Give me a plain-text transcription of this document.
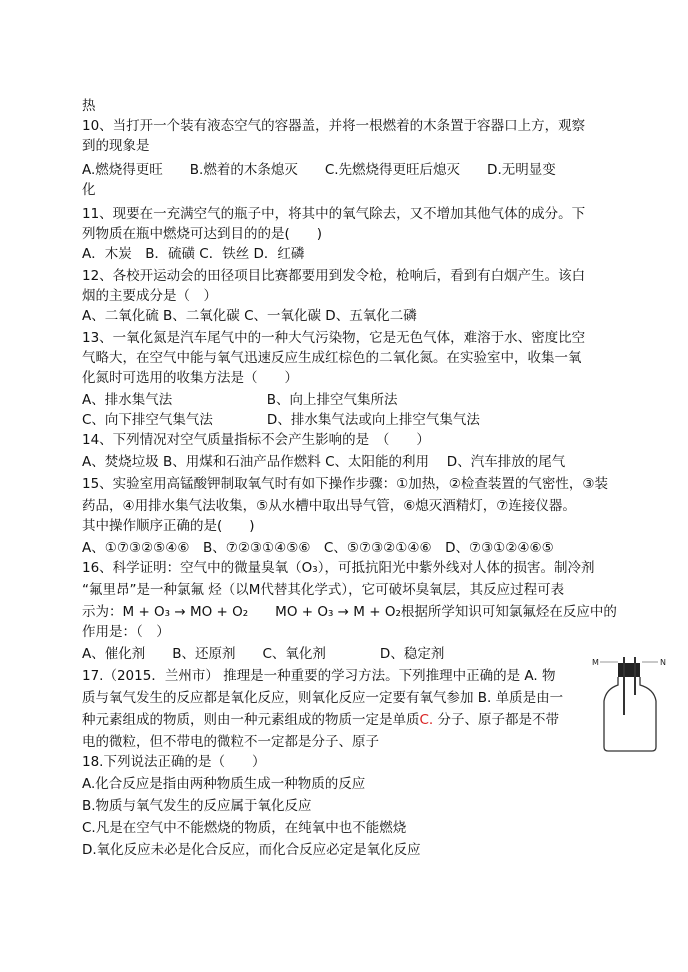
热
10、当打开一个装有液态空气的容器盖，并将一根燃着的木条置于容器口上方，观察
到的现象是
A.燃烧得更旺　　B.燃着的木条熄灭　　C.先燃烧得更旺后熄灭　　D.无明显变
化
11、现要在一充满空气的瓶子中，将其中的氧气除去，又不增加其他气体的成分。下
列物质在瓶中燃烧可达到目的的是(　　)
A．木炭　B．硫磺 C．铁丝 D．红磷
12、各校开运动会的田径项目比赛都要用到发令枪，枪响后，看到有白烟产生。该白
烟的主要成分是（　）
A、二氧化硫 B、二氧化碳 C、一氧化碳 D、五氧化二磷
13、一氧化氮是汽车尾气中的一种大气污染物，它是无色气体，难溶于水、密度比空
气略大，在空气中能与氧气迅速反应生成红棕色的二氧化氮。在实验室中，收集一氧
化氮时可选用的收集方法是（　　）
A、排水集气法　　　　　　　B、向上排空气集所法
C、向下排空气集气法　　　　D、排水集气法或向上排空气集气法
14、下列情况对空气质量指标不会产生影响的是　（　　）
A、焚烧垃圾 B、用煤和石油产品作燃料 C、太阳能的利用　 D、汽车排放的尾气
15、实验室用高锰酸钾制取氧气时有如下操作步骤：①加热，②检查装置的气密性，③装
药品，④用排水集气法收集，⑤从水槽中取出导气管，⑥熄灭酒精灯，⑦连接仪器。
其中操作顺序正确的是(　　)
A、①⑦③②⑤④⑥　B、⑦②③①④⑤⑥　C、⑤⑦③②①④⑥　D、⑦③①②④⑥⑤
16、科学证明：空气中的微量臭氧（O₃），可抵抗阳光中紫外线对人体的损害。制冷剂
“氟里昂”是一种氯氟 烃（以M代替其化学式），它可破坏臭氧层，其反应过程可表
示为：M + O₃ → MO + O₂　　MO + O₃ → M + O₂根据所学知识可知氯氟烃在反应中的
作用是：（　）
A、催化剂　　B、还原剂　　C、氧化剂　　　　D、稳定剂
17.（2015．兰州市） 推理是一种重要的学习方法。下列推理中正确的是 A. 物
质与氧气发生的反应都是氧化反应，则氧化反应一定要有氧气参加 B. 单质是由一
种元素组成的物质，则由一种元素组成的物质一定是单质C. 分子、原子都是不带
电的微粒，但不带电的微粒不一定都是分子、原子
18.下列说法正确的是（　　）
A.化合反应是指由两种物质生成一种物质的反应
B.物质与氧气发生的反应属于氧化反应
C.凡是在空气中不能燃烧的物质，在纯氧中也不能燃烧
D.氧化反应未必是化合反应，而化合反应必定是氧化反应
M	N
